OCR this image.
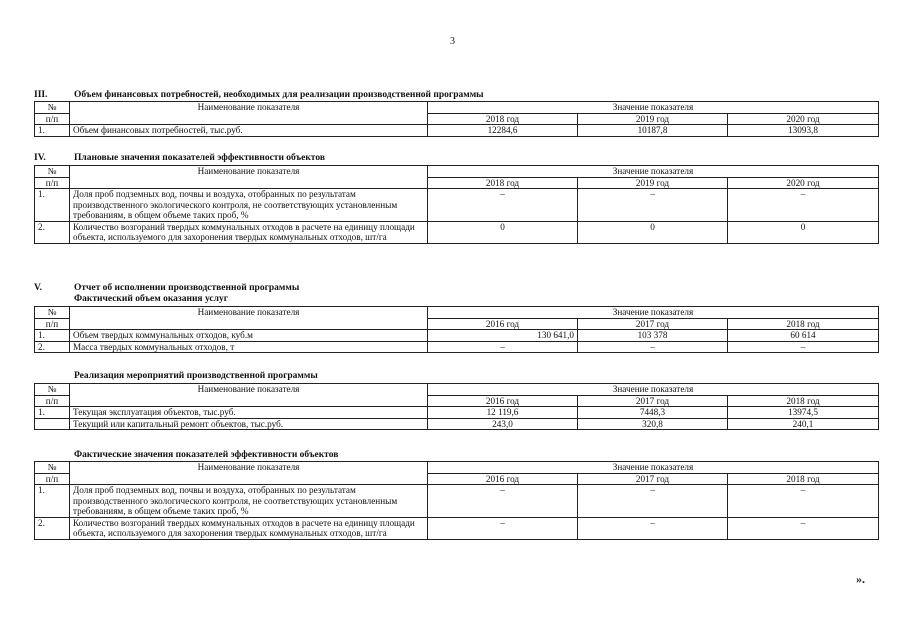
3
III.	Объем финансовых потребностей, необходимых для реализации производственной программы
№	Наименование показателя	Значение показателя		
п/п		2018 год	2019 год	2020 год
1.	Объем финансовых потребностей, тыс.руб.	12284,6	10187,8	13093,8
IV.	Плановые значения показателей эффективности объектов
№	Наименование показателя	Значение показателя		
п/п		2018 год	2019 год	2020 год
1.	Доля проб подземных вод, почвы и воздуха, отобранных по результатам производственного экологического контроля, не соответствующих установленным требованиям, в общем объеме таких проб, %	–	–	–
2.	Количество возгораний твердых коммунальных отходов в расчете на единицу площади объекта, используемого для захоронения твердых коммунальных отходов, шт/га	0	0	0
V.	Отчет об исполнении производственной программы
Фактический объем оказания услуг
№	Наименование показателя	Значение показателя		
п/п		2016 год	2017 год	2018 год
1.	Объем твердых коммунальных отходов, куб.м	130 641,0	103 378	60 614
2.	Масса твердых коммунальных отходов, т	–	–	–
Реализация мероприятий производственной программы
№	Наименование показателя	Значение показателя		
п/п		2016 год	2017 год	2018 год
1.	Текущая эксплуатация объектов, тыс.руб.	12 119,6	7448,3	13974,5
	Текущий или капитальный ремонт объектов, тыс.руб.	243,0	320,8	240,1
Фактические значения показателей эффективности объектов
№	Наименование показателя	Значение показателя		
п/п		2016 год	2017 год	2018 год
1.	Доля проб подземных вод, почвы и воздуха, отобранных по результатам производственного экологического контроля, не соответствующих установленным требованиям, в общем объеме таких проб, %	–	–	–
2.	Количество возгораний твердых коммунальных отходов в расчете на единицу площади объекта, используемого для захоронения твердых коммунальных отходов, шт/га	–	–	–
».
